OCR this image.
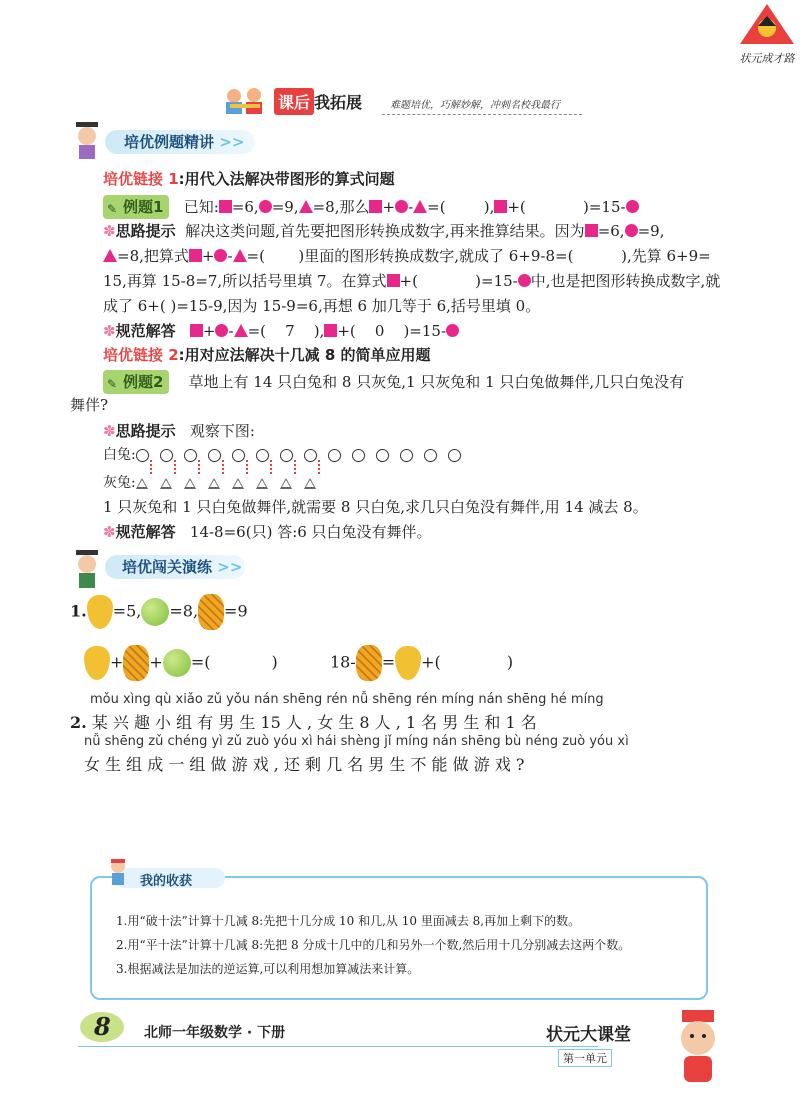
状元成才路
课后 我拓展	难题培优，巧解妙解，冲刺名校我最行
培优例题精讲 >>
培优链接 1:用代入法解决带图形的算式问题
✎ 例题1 已知: =6, =9, =8,那么 + - =(	), +(	)=15-
✽思路提示 解决这类问题,首先要把图形转换成数字,再来推算结果。因为 =6, =9,
=8,把算式 + - =( )里面的图形转换成数字,就成了 6+9-8=(	),先算 6+9=
15,再算 15-8=7,所以括号里填 7。在算式 +(	)=15- 中,也是把图形转换成数字,就
成了 6+( )=15-9,因为 15-9=6,再想 6 加几等于 6,括号里填 0。
✽规范解答 + - =( 7 ), +( 0 )=15-
培优链接 2:用对应法解决十几减 8 的简单应用题
✎ 例题2 草地上有 14 只白兔和 8 只灰兔,1 只灰兔和 1 只白兔做舞伴,几只白兔没有
舞伴?
✽思路提示 观察下图:
白兔:
灰兔:
1 只灰兔和 1 只白兔做舞伴,就需要 8 只白兔,求几只白兔没有舞伴,用 14 减去 8。
✽规范解答 14-8=6(只) 答:6 只白兔没有舞伴。
培优闯关演练 >>
1. =5, =8, =9
+ + =(	)	18- = +(	)
mǒu xìng qù xiǎo zǔ yǒu nán shēng rén nǚ shēng rén míng nán shēng hé míng
2. 某 兴 趣 小 组 有 男 生 15 人 , 女 生 8 人 , 1 名 男 生 和 1 名
nǚ shēng zǔ chéng yì zǔ zuò yóu xì hái shèng jǐ míng nán shēng bù néng zuò yóu xì
女 生 组 成 一 组 做 游 戏 , 还 剩 几 名 男 生 不 能 做 游 戏 ?
1.用“破十法”计算十几减 8:先把十几分成 10 和几,从 10 里面减去 8,再加上剩下的数。
2.用“平十法”计算十几减 8:先把 8 分成十几中的几和另外一个数,然后用十几分别减去这两个数。
3.根据减法是加法的逆运算,可以利用想加算减法来计算。
我的收获
8 北师一年级数学 · 下册	状元大课堂
第一单元
